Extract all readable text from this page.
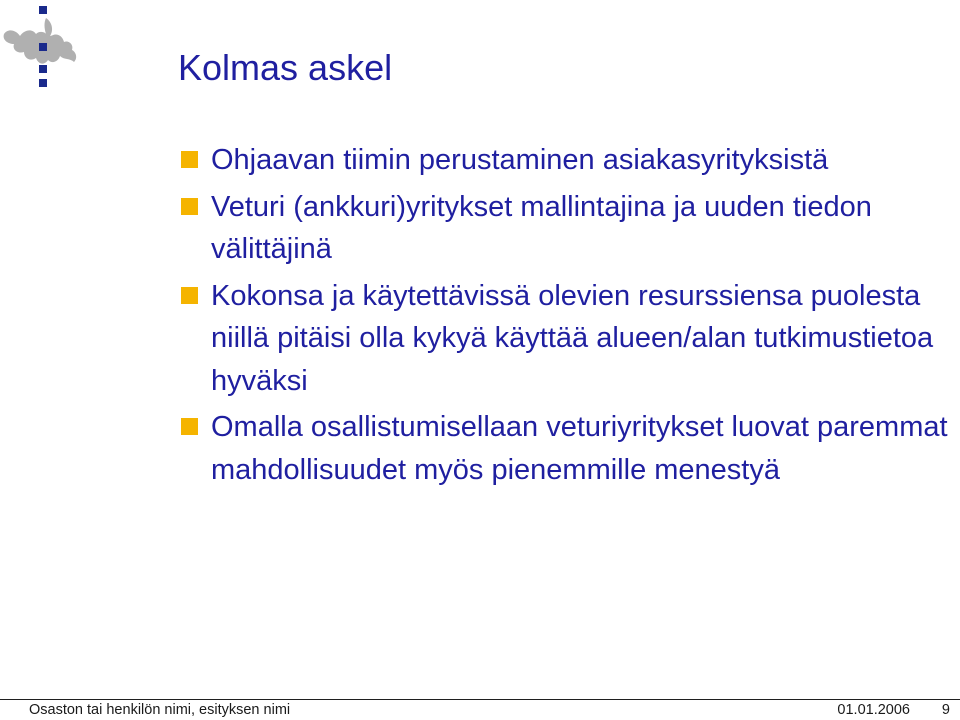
Kolmas askel
Ohjaavan tiimin perustaminen asiakasyrityksistä
Veturi (ankkuri)yritykset mallintajina ja uuden tiedon välittäjinä
Kokonsa ja käytettävissä olevien resurssiensa puolesta niillä pitäisi olla kykyä käyttää alueen/alan tutkimustietoa hyväksi
Omalla osallistumisellaan veturiyritykset luovat paremmat mahdollisuudet myös pienemmille menestyä
Osaston tai henkilön nimi, esityksen nimi	01.01.2006 9
